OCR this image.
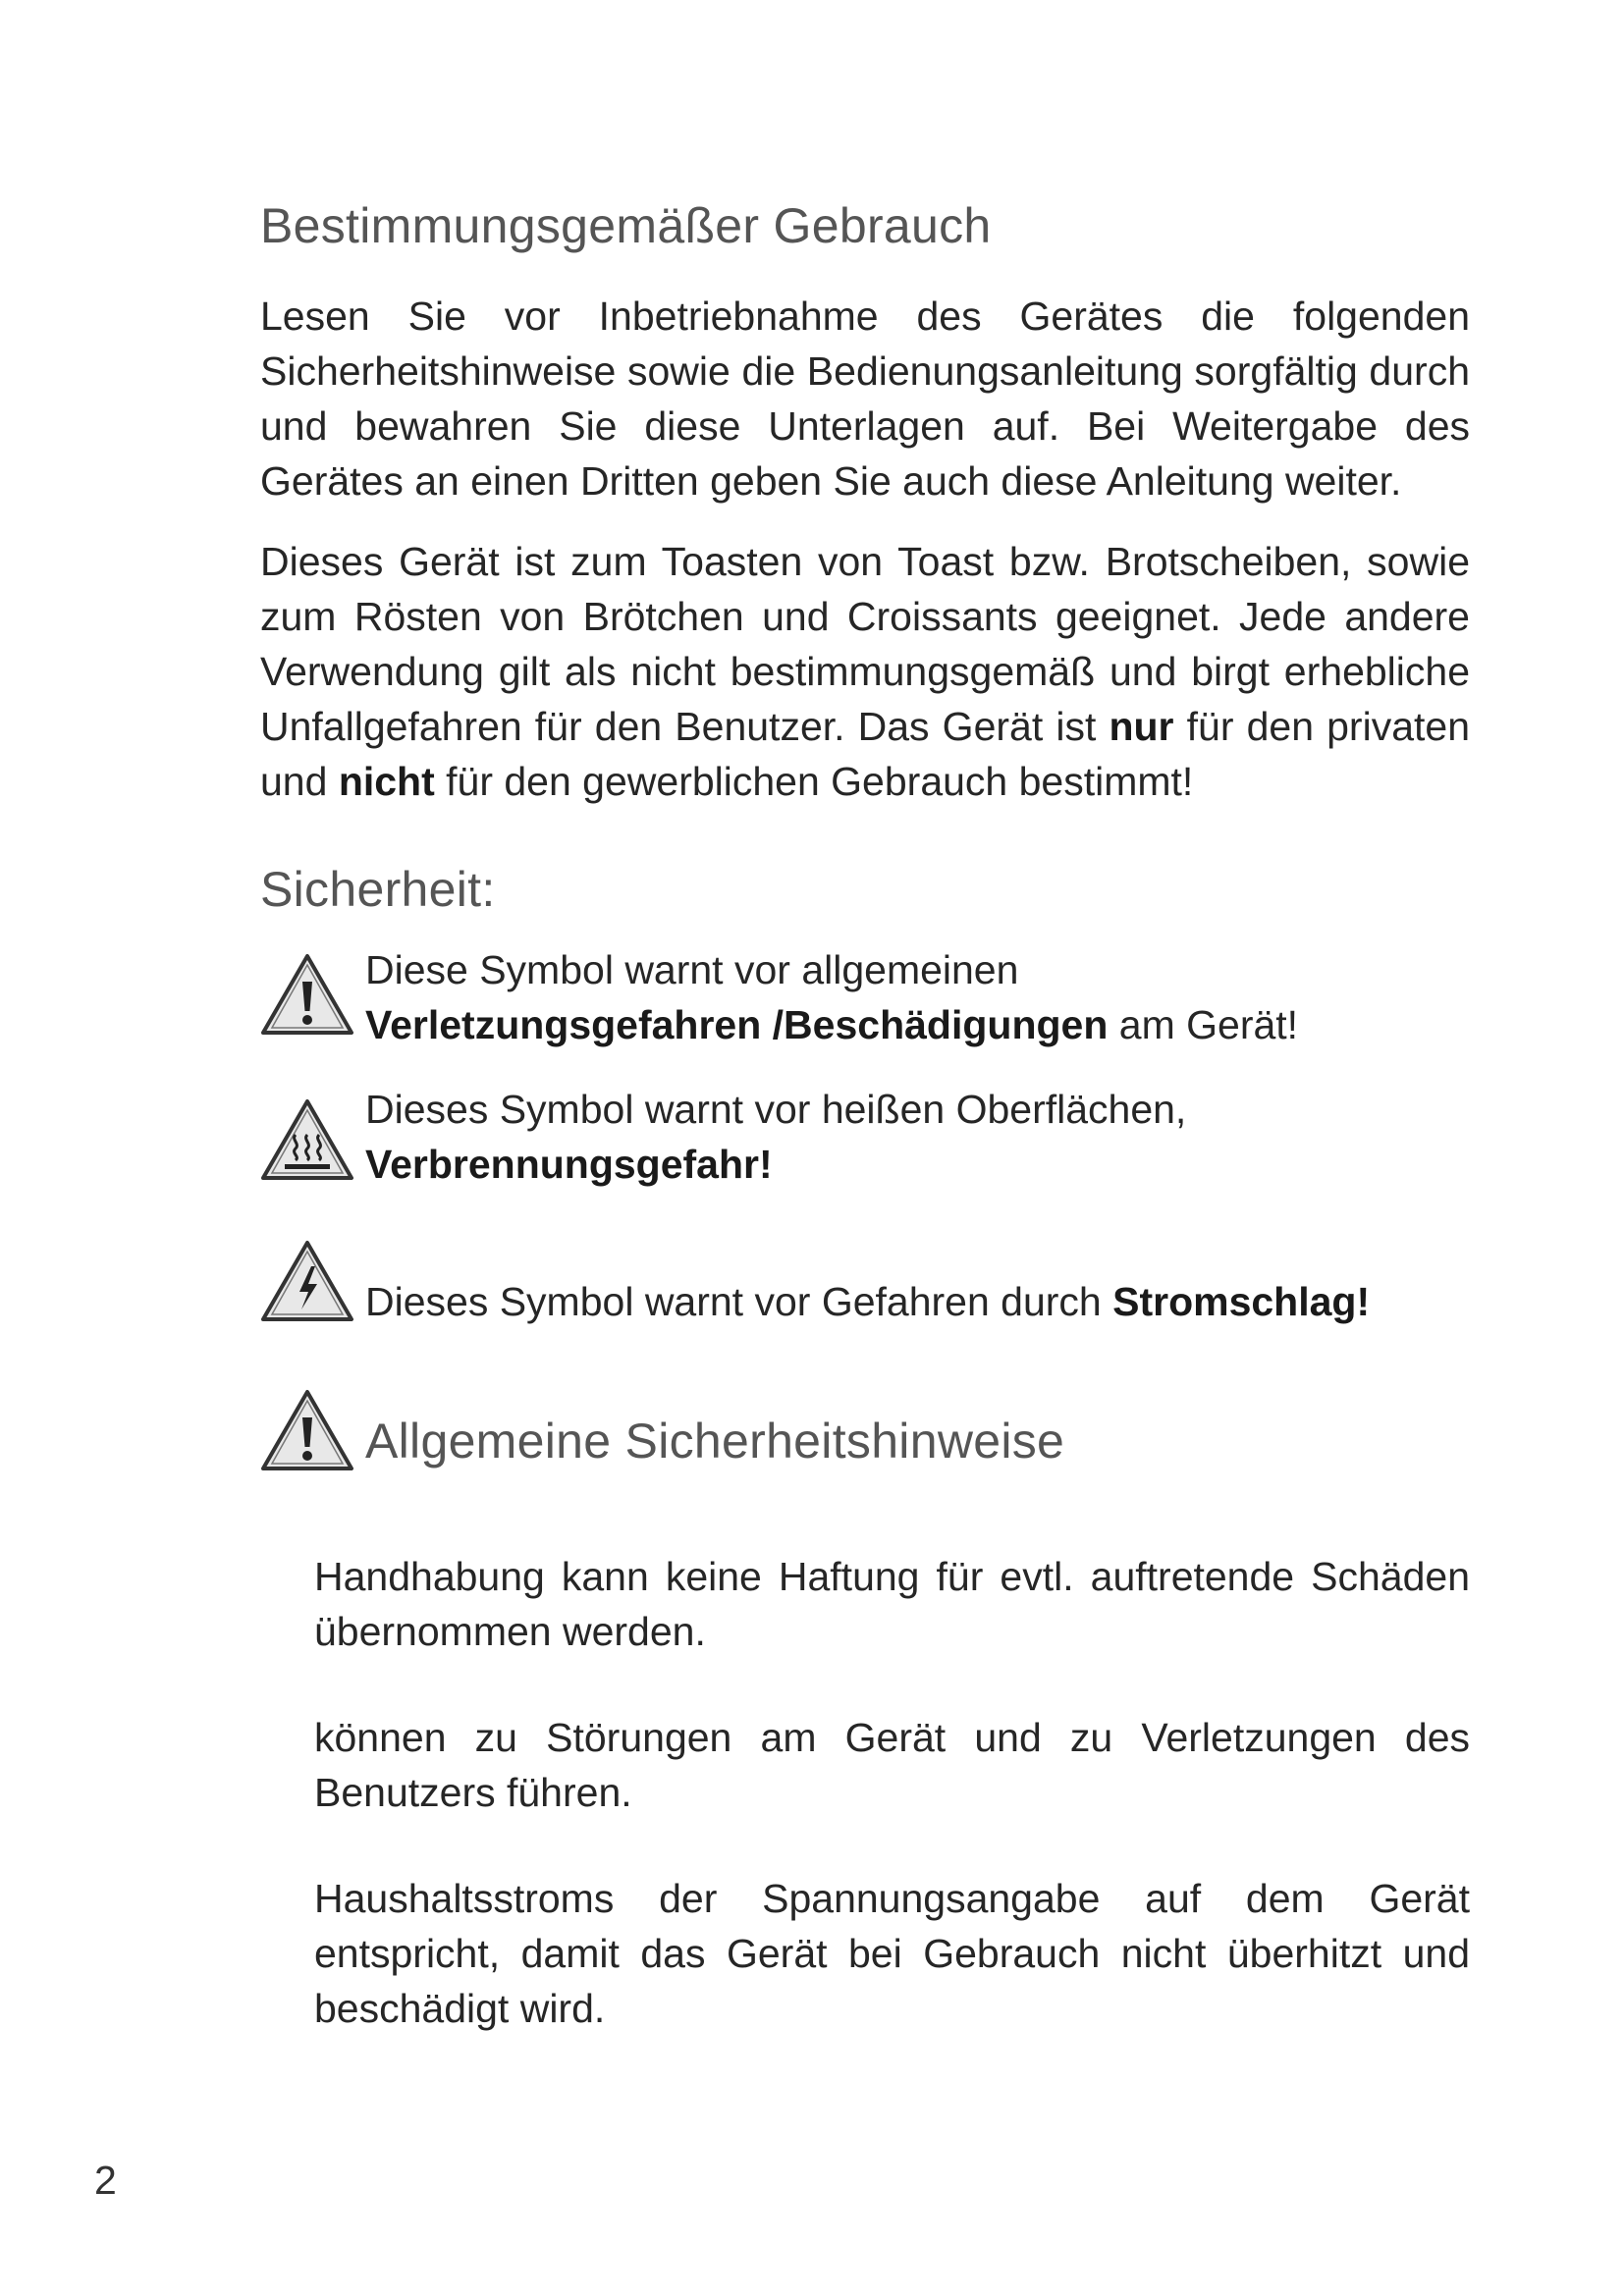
Bestimmungsgemäßer Gebrauch

Lesen Sie vor Inbetriebnahme des Gerätes die folgenden Sicherheitshinweise sowie die Bedienungsanleitung sorgfältig durch und bewahren Sie diese Unterlagen auf. Bei Weitergabe des Gerätes an einen Dritten geben Sie auch diese Anleitung weiter.

Dieses Gerät ist zum Toasten von Toast bzw. Brotscheiben, sowie zum Rösten von Brötchen und Croissants geeignet. Jede andere Verwendung gilt als nicht bestimmungsgemäß und birgt erhebliche Unfallgefahren für den Benutzer. Das Gerät ist nur für den privaten und nicht für den gewerblichen Gebrauch bestimmt!

Sicherheit:

Diese Symbol warnt vor allgemeinen
Verletzungsgefahren /Beschädigungen am Gerät!

Dieses Symbol warnt vor heißen Oberflächen,
Verbrennungsgefahr!

Dieses Symbol warnt vor Gefahren durch Stromschlag!

Allgemeine Sicherheitshinweise

Handhabung kann keine Haftung für evtl. auftretende Schäden übernommen werden.

können zu Störungen am Gerät und zu Verletzungen des Benutzers führen.

Haushaltsstroms der Spannungsangabe auf dem Gerät entspricht, damit das Gerät bei Gebrauch nicht überhitzt und beschädigt wird.

2
